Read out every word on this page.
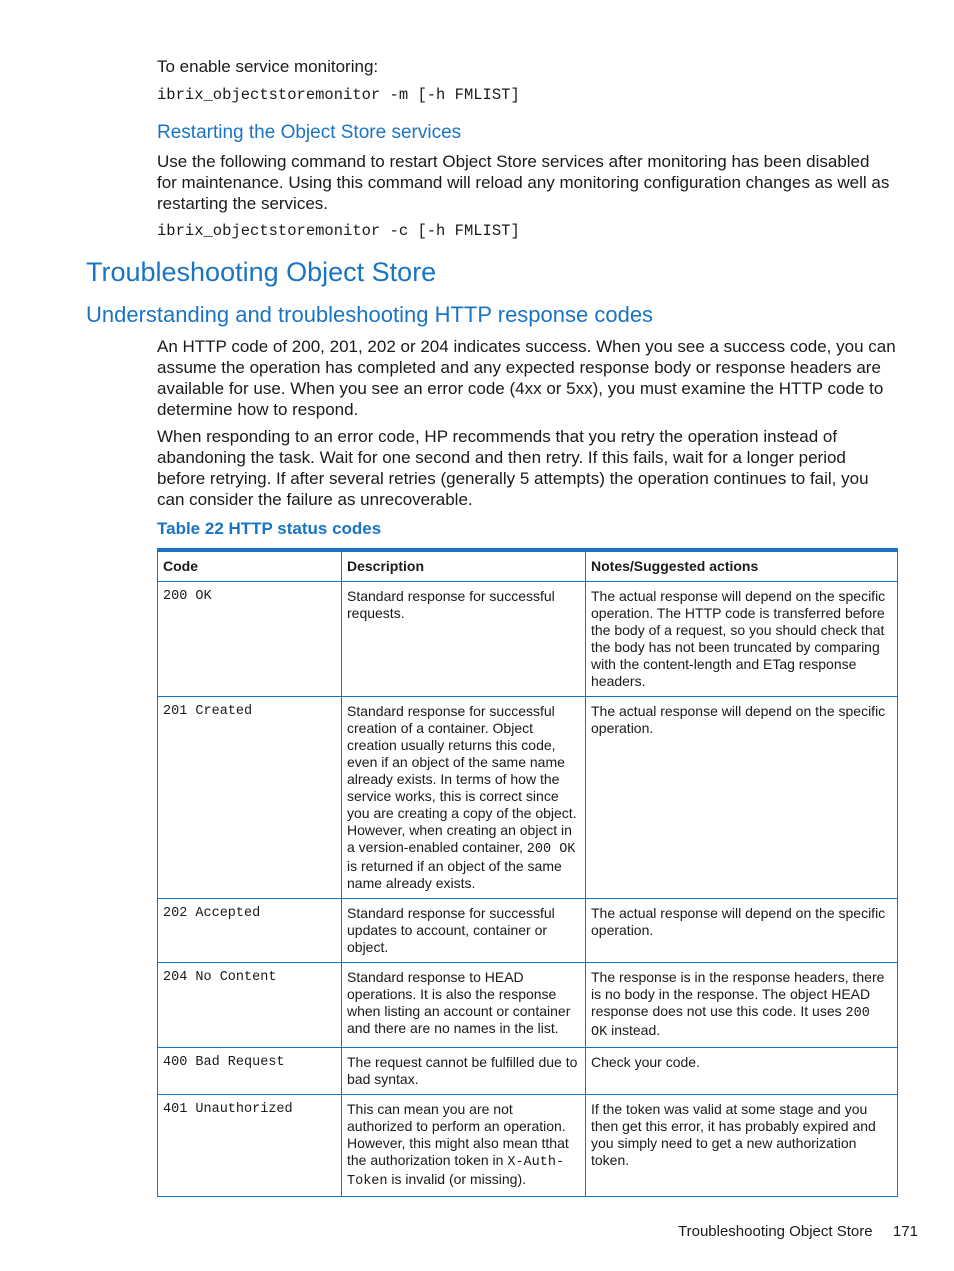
To enable service monitoring:

ibrix_objectstoremonitor -m [-h FMLIST]
Restarting the Object Store services

Use the following command to restart Object Store services after monitoring has been disabled for maintenance. Using this command will reload any monitoring configuration changes as well as restarting the services.

ibrix_objectstoremonitor -c [-h FMLIST]
Troubleshooting Object Store
Understanding and troubleshooting HTTP response codes

An HTTP code of 200, 201, 202 or 204 indicates success. When you see a success code, you can assume the operation has completed and any expected response body or response headers are available for use. When you see an error code (4xx or 5xx), you must examine the HTTP code to determine how to respond.

When responding to an error code, HP recommends that you retry the operation instead of abandoning the task. Wait for one second and then retry. If this fails, wait for a longer period before retrying. If after several retries (generally 5 attempts) the operation continues to fail, you can consider the failure as unrecoverable.

Table 22 HTTP status codes
Code	Description	Notes/Suggested actions
200 OK	Standard response for successful requests.	The actual response will depend on the specific operation. The HTTP code is transferred before the body of a request, so you should check that the body has not been truncated by comparing with the content-length and ETag response headers.
201 Created	Standard response for successful creation of a container. Object creation usually returns this code, even if an object of the same name already exists. In terms of how the service works, this is correct since you are creating a copy of the object. However, when creating an object in a version-enabled container, 200 OK is returned if an object of the same name already exists.	The actual response will depend on the specific operation.
202 Accepted	Standard response for successful updates to account, container or object.	The actual response will depend on the specific operation.
204 No Content	Standard response to HEAD operations. It is also the response when listing an account or container and there are no names in the list.	The response is in the response headers, there is no body in the response. The object HEAD response does not use this code. It uses 200 OK instead.
400 Bad Request	The request cannot be fulfilled due to bad syntax.	Check your code.
401 Unauthorized	This can mean you are not authorized to perform an operation. However, this might also mean tthat the authorization token in X-Auth-Token is invalid (or missing).	If the token was valid at some stage and you then get this error, it has probably expired and you simply need to get a new authorization token.
Troubleshooting Object Store 171
